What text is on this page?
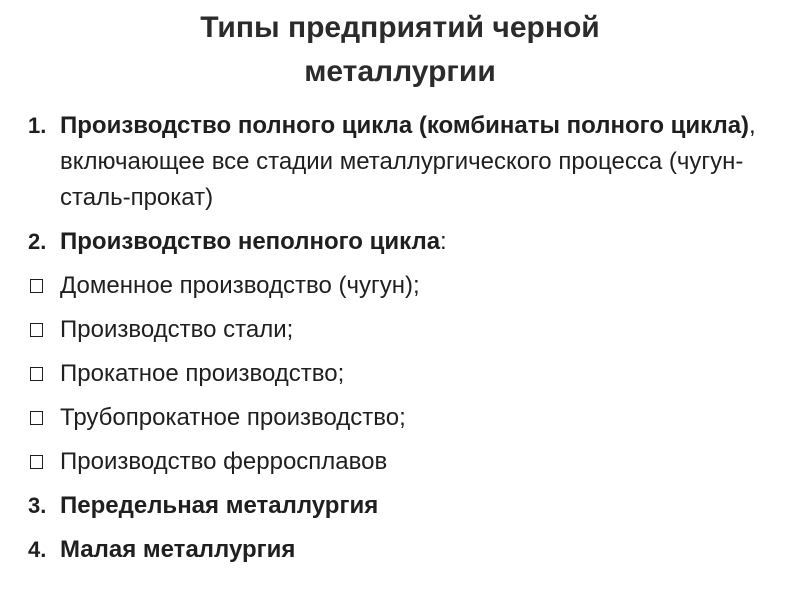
Типы предприятий черной
металлургии
1. Производство полного цикла (комбинаты полного цикла), включающее все стадии металлургического процесса (чугун-сталь-прокат)
2. Производство неполного цикла:
Доменное производство (чугун);
Производство стали;
Прокатное производство;
Трубопрокатное производство;
Производство ферросплавов
3. Передельная металлургия
4. Малая металлургия
